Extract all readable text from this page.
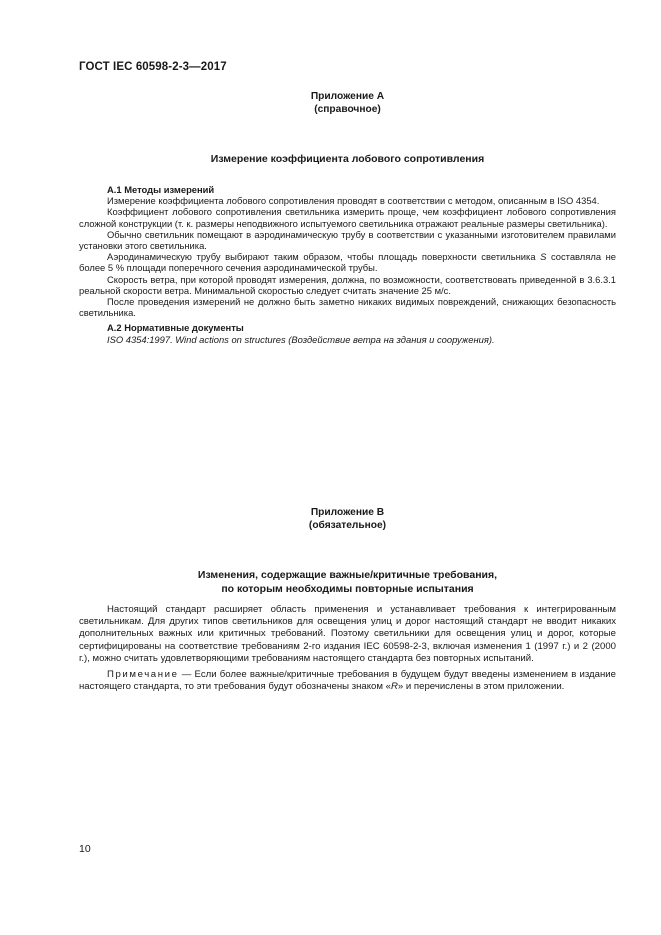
ГОСТ IEC 60598-2-3—2017
Приложение А
(справочное)
Измерение коэффициента лобового сопротивления

А.1 Методы измерений

Измерение коэффициента лобового сопротивления проводят в соответствии с методом, описанным в ISO 4354.

Коэффициент лобового сопротивления светильника измерить проще, чем коэффициент лобового сопротивления сложной конструкции (т. к. размеры неподвижного испытуемого светильника отражают реальные размеры светильника).

Обычно светильник помещают в аэродинамическую трубу в соответствии с указанными изготовителем правилами установки этого светильника.

Аэродинамическую трубу выбирают таким образом, чтобы площадь поверхности светильника S составляла не более 5 % площади поперечного сечения аэродинамической трубы.

Скорость ветра, при которой проводят измерения, должна, по возможности, соответствовать приведенной в 3.6.3.1 реальной скорости ветра. Минимальной скоростью следует считать значение 25 м/с.

После проведения измерений не должно быть заметно никаких видимых повреждений, снижающих безопасность светильника.

А.2 Нормативные документы

ISO 4354:1997. Wind actions on structures (Воздействие ветра на здания и сооружения).

Приложение В
(обязательное)
Изменения, содержащие важные/критичные требования,
по которым необходимы повторные испытания

Настоящий стандарт расширяет область применения и устанавливает требования к интегрированным светильникам. Для других типов светильников для освещения улиц и дорог настоящий стандарт не вводит никаких дополнительных важных или критичных требований. Поэтому светильники для освещения улиц и дорог, которые сертифицированы на соответствие требованиям 2-го издания IEC 60598-2-3, включая изменения 1 (1997 г.) и 2 (2000 г.), можно считать удовлетворяющими требованиям настоящего стандарта без повторных испытаний.

Примечание — Если более важные/критичные требования в будущем будут введены изменением в издание настоящего стандарта, то эти требования будут обозначены знаком «R» и перечислены в этом приложении.

10
